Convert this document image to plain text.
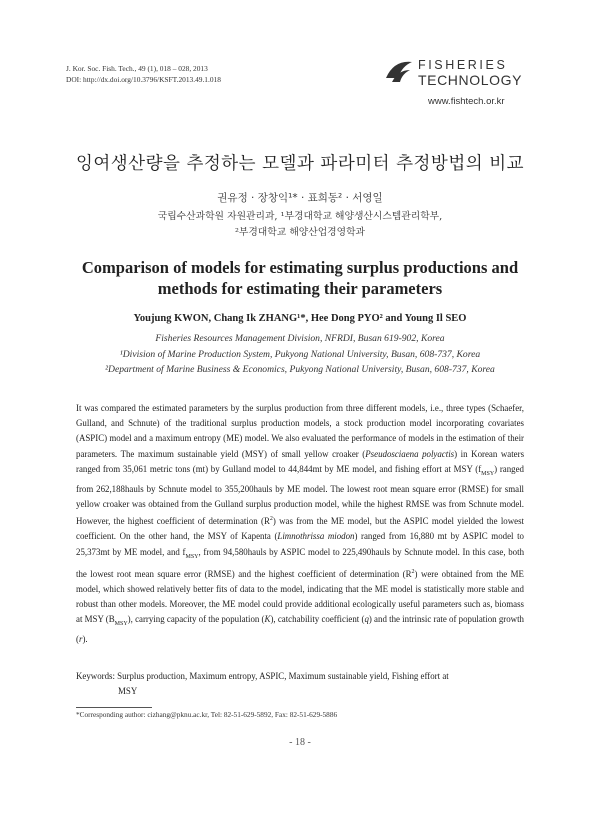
J. Kor. Soc. Fish. Tech., 49 (1), 018 – 028, 2013
DOI: http://dx.doi.org/10.3796/KSFT.2013.49.1.018
FISHERIES
TECHNOLOGY
www.fishtech.or.kr
잉여생산량을 추정하는 모델과 파라미터 추정방법의 비교
권유정 · 장창익¹* · 표희동² · 서영일
국립수산과학원 자원관리과, ¹부경대학교 해양생산시스템관리학부,
²부경대학교 해양산업경영학과
Comparison of models for estimating surplus productions and
methods for estimating their parameters
Youjung KWON, Chang Ik ZHANG¹*, Hee Dong PYO² and Young Il SEO
Fisheries Resources Management Division, NFRDI, Busan 619-902, Korea
¹Division of Marine Production System, Pukyong National University, Busan, 608-737, Korea
²Department of Marine Business & Economics, Pukyong National University, Busan, 608-737, Korea
It was compared the estimated parameters by the surplus production from three different models, i.e., three types (Schaefer, Gulland, and Schnute) of the traditional surplus production models, a stock production model incorporating covariates (ASPIC) model and a maximum entropy (ME) model. We also evaluated the performance of models in the estimation of their parameters. The maximum sustainable yield (MSY) of small yellow croaker (Pseudosciaena polyactis) in Korean waters ranged from 35,061 metric tons (mt) by Gulland model to 44,844mt by ME model, and fishing effort at MSY $(f_{MSY})$ ranged from 262,188hauls by Schnute model to 355,200hauls by ME model. The lowest root mean square error (RMSE) for small yellow croaker was obtained from the Gulland surplus production model, while the highest RMSE was from Schnute model. However, the highest coefficient of determination $(R^2)$ was from the ME model, but the ASPIC model yielded the lowest coefficient. On the other hand, the MSY of Kapenta (Limnothrissa miodon) ranged from 16,880 mt by ASPIC model to 25,373mt by ME model, and $f_{MSY}$, from 94,580hauls by ASPIC model to 225,490hauls by Schnute model. In this case, both the lowest root mean square error (RMSE) and the highest coefficient of determination $(R^2)$ were obtained from the ME model, which showed relatively better fits of data to the model, indicating that the ME model is statistically more stable and robust than other models. Moreover, the ME model could provide additional ecologically useful parameters such as, biomass at MSY $(B_{MSY})$, carrying capacity of the population (K), catchability coefficient (q) and the intrinsic rate of population growth (r).
Keywords: Surplus production, Maximum entropy, ASPIC, Maximum sustainable yield, Fishing effort at
MSY
*Corresponding author: cizhang@pknu.ac.kr, Tel: 82-51-629-5892, Fax: 82-51-629-5886
- 18 -
